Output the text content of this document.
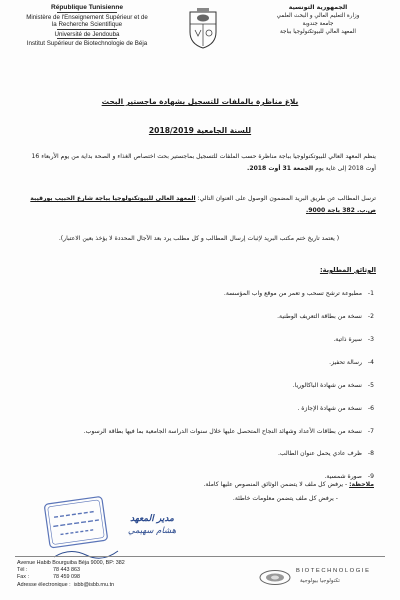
République Tunisienne
Ministère de l'Enseignement Supérieur et de
la Recherche Scientifique
Université de Jendouba
Institut Supérieur de Biotechnologie de Béja
الجمهورية التونسية
وزارة التعليم العالي و البحث العلمي
جامعة جندوبة
المعهد العالي للبيوتكنولوجيا بباجة
بلاغ مناظرة بالملفات للتسجيل بشهادة ماجستير البحث
للسنة الجامعية 2018/2019
ينظم المعهد العالي للبيوتكنولوجيا بباجة مناظرة حسب الملفات للتسجيل بماجستير بحث اختصاص الغذاء و الصحة بداية من يوم الأربعاء 16 أوت 2018 إلى غاية يوم الجمعة 31 أوت 2018.
ترسل المطالب عن طريق البريد المضمون الوصول على العنوان التالي: المعهد العالي للبيوتكنولوجيا بباجة شارع الحبيب بورقيبة ص.ب. 382 باجة 9000.
( يعتمد تاريخ ختم مكتب البريد لإثبات إرسال المطالب و كل مطلب يرد بعد الآجال المحددة لا يؤخذ بعين الاعتبار).
الوثائق المطلوبة:
1- مطبوعة ترشح تسحب و تعمر من موقع واب المؤسسة.
2- نسخة من بطاقة التعريف الوطنية.
3- سيرة ذاتية.
4- رسالة تحفيز.
5- نسخة من شهادة الباكالوريا.
6- نسخة من شهادة الإجازة .
7- نسخة من بطاقات الأعداد وشهائد النجاح المتحصل عليها خلال سنوات الدراسة الجامعية بما فيها بطاقة الرسوب.
8- ظرف عادي يحمل عنوان الطالب.
9- صورة شمسية.
ملاحظة: - يرفض كل ملف لا يتضمن الوثائق المنصوص عليها كاملة.
- يرفض كل ملف يتضمن معلومات خاطئة.
مدير المعهد
هشام سهيمي
Avenue Habib Bourguiba Béja 9000, BP: 382
Tél :	78 443 863
Fax :	78 459 098
Adresse électronique : isbb@isbb.rnu.tn
BIOTECHNOLOGIE
تكنولوجيا بيولوجية
